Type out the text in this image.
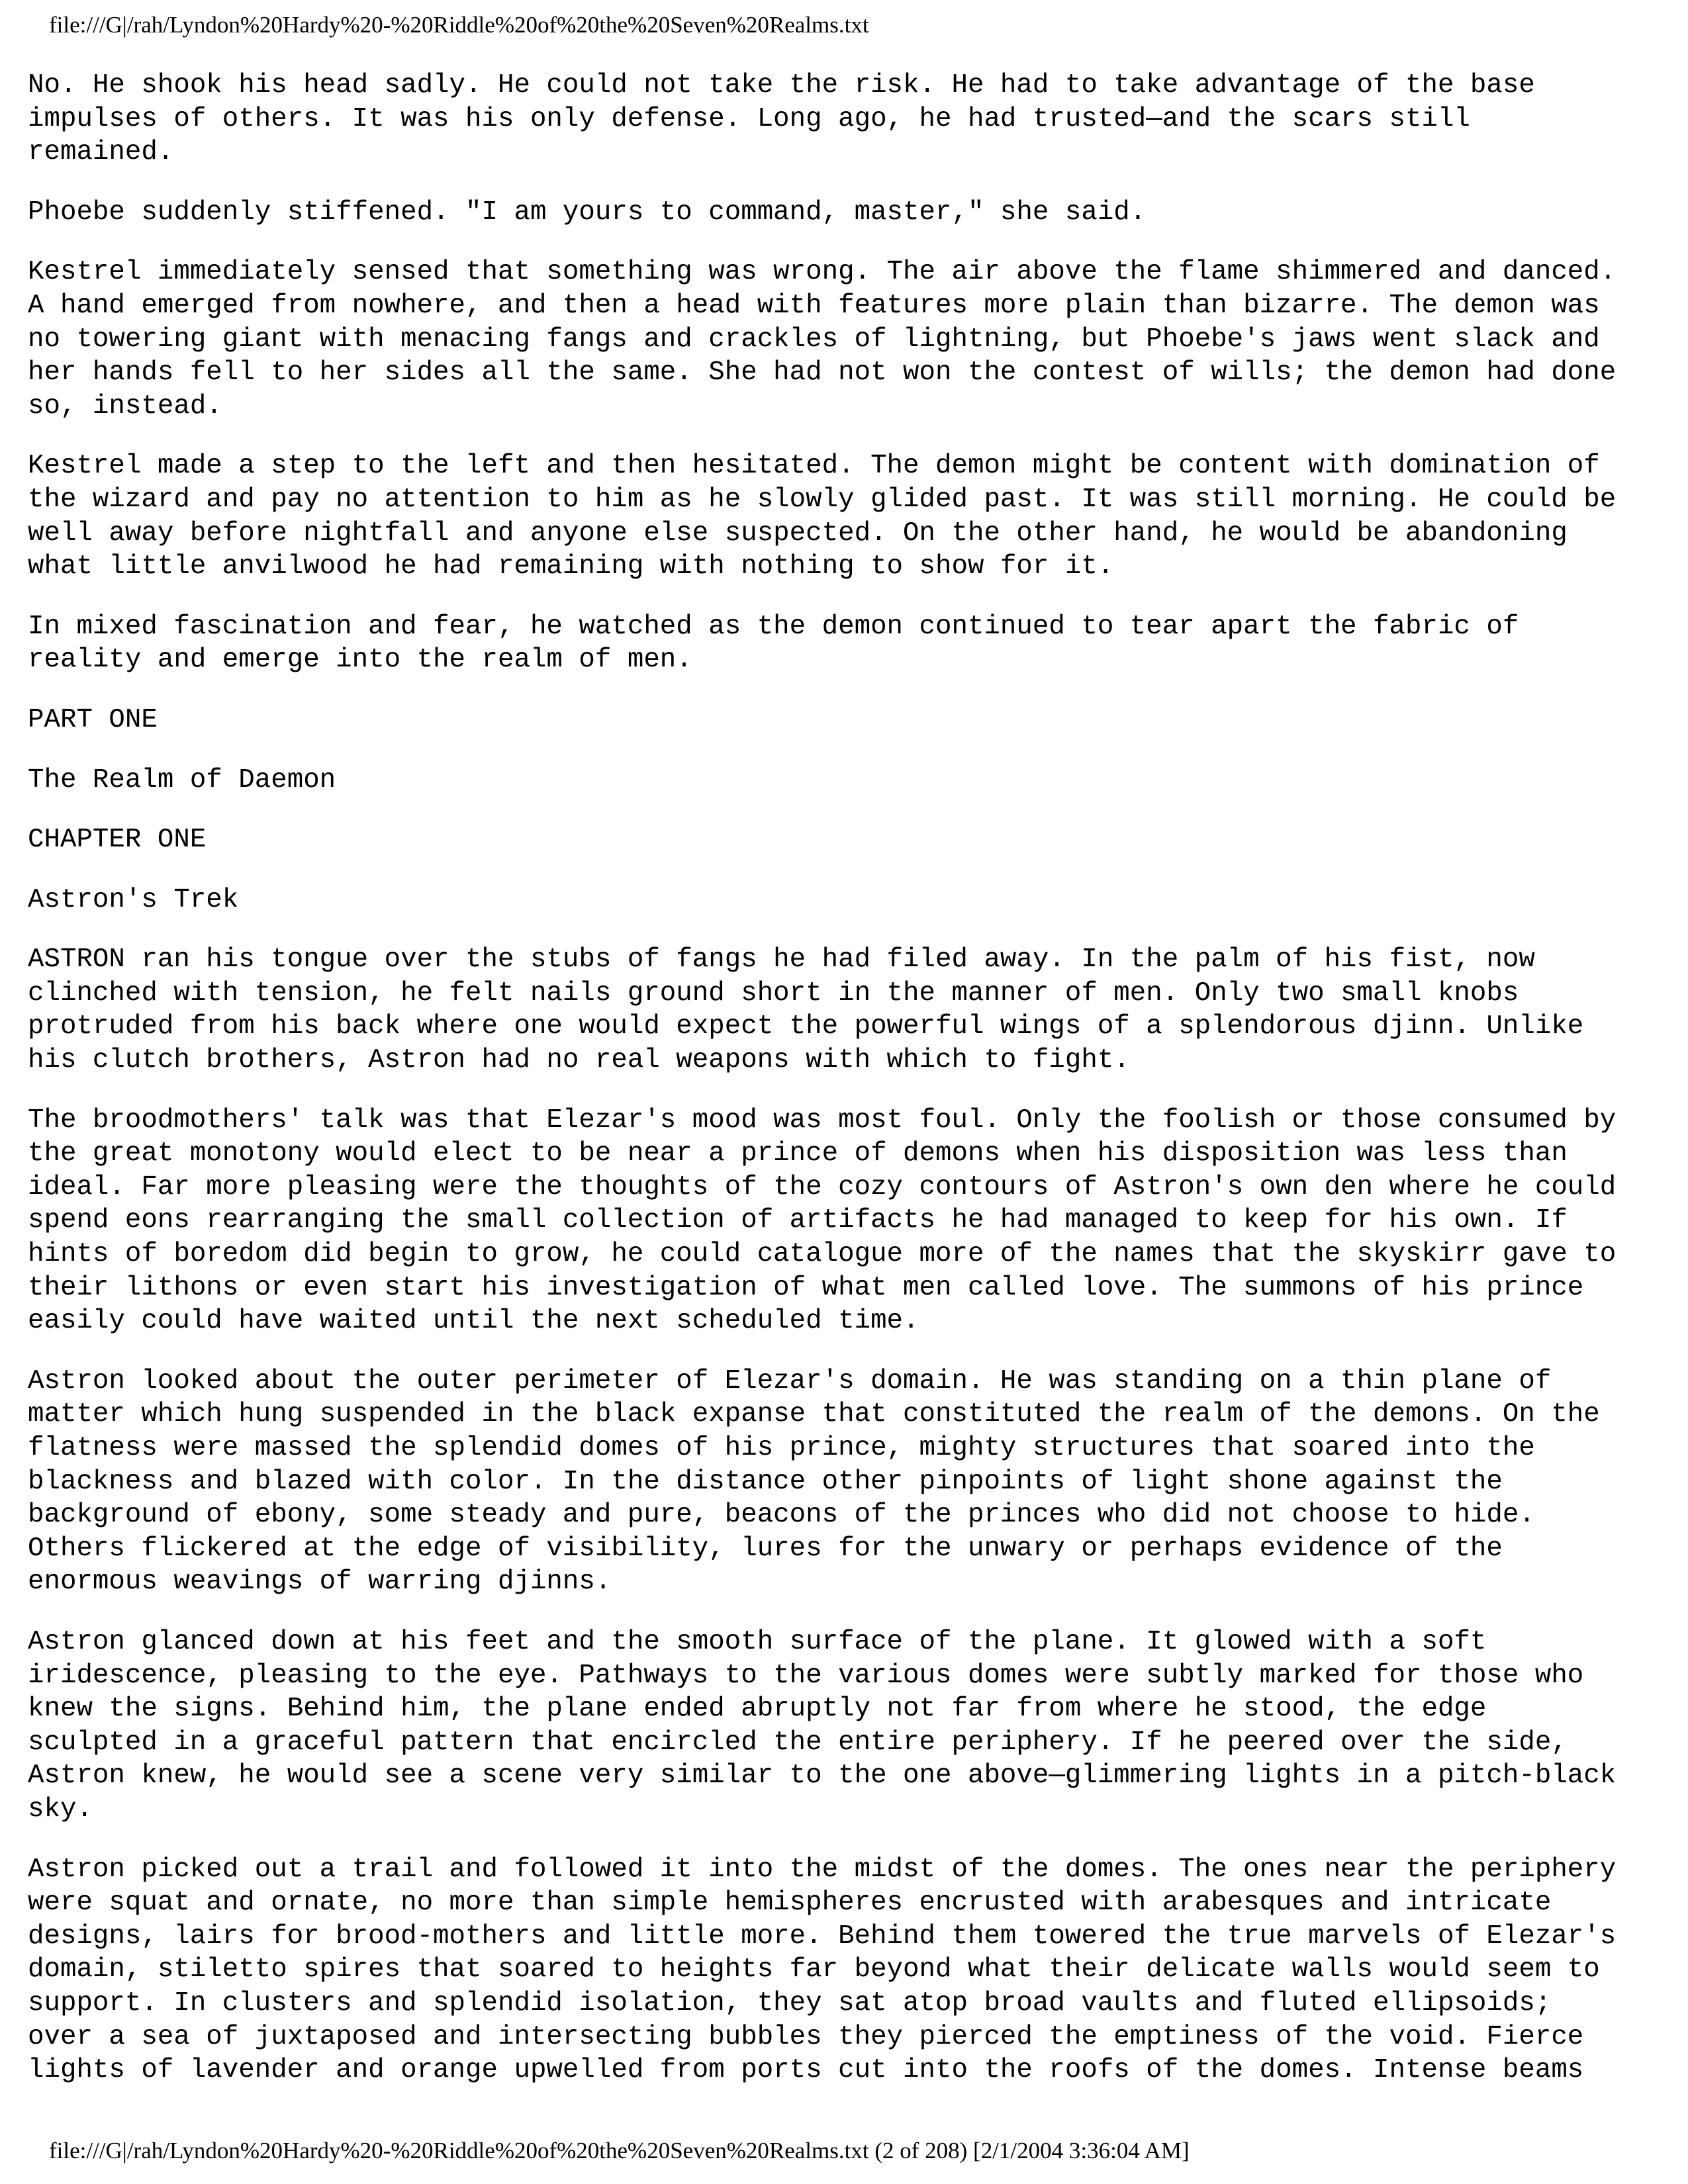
file:///G|/rah/Lyndon%20Hardy%20-%20Riddle%20of%20the%20Seven%20Realms.txt

No. He shook his head sadly. He could not take the risk. He had to take advantage of the base
impulses of others. It was his only defense. Long ago, he had trusted—and the scars still
remained.

Phoebe suddenly stiffened. "I am yours to command, master," she said.

Kestrel immediately sensed that something was wrong. The air above the flame shimmered and danced.
A hand emerged from nowhere, and then a head with features more plain than bizarre. The demon was
no towering giant with menacing fangs and crackles of lightning, but Phoebe's jaws went slack and
her hands fell to her sides all the same. She had not won the contest of wills; the demon had done
so, instead.

Kestrel made a step to the left and then hesitated. The demon might be content with domination of
the wizard and pay no attention to him as he slowly glided past. It was still morning. He could be
well away before nightfall and anyone else suspected. On the other hand, he would be abandoning
what little anvilwood he had remaining with nothing to show for it.

In mixed fascination and fear, he watched as the demon continued to tear apart the fabric of
reality and emerge into the realm of men.

PART ONE

The Realm of Daemon

CHAPTER ONE

Astron's Trek

ASTRON ran his tongue over the stubs of fangs he had filed away. In the palm of his fist, now
clinched with tension, he felt nails ground short in the manner of men. Only two small knobs
protruded from his back where one would expect the powerful wings of a splendorous djinn. Unlike
his clutch brothers, Astron had no real weapons with which to fight.

The broodmothers' talk was that Elezar's mood was most foul. Only the foolish or those consumed by
the great monotony would elect to be near a prince of demons when his disposition was less than
ideal. Far more pleasing were the thoughts of the cozy contours of Astron's own den where he could
spend eons rearranging the small collection of artifacts he had managed to keep for his own. If
hints of boredom did begin to grow, he could catalogue more of the names that the skyskirr gave to
their lithons or even start his investigation of what men called love. The summons of his prince
easily could have waited until the next scheduled time.

Astron looked about the outer perimeter of Elezar's domain. He was standing on a thin plane of
matter which hung suspended in the black expanse that constituted the realm of the demons. On the
flatness were massed the splendid domes of his prince, mighty structures that soared into the
blackness and blazed with color. In the distance other pinpoints of light shone against the
background of ebony, some steady and pure, beacons of the princes who did not choose to hide.
Others flickered at the edge of visibility, lures for the unwary or perhaps evidence of the
enormous weavings of warring djinns.

Astron glanced down at his feet and the smooth surface of the plane. It glowed with a soft
iridescence, pleasing to the eye. Pathways to the various domes were subtly marked for those who
knew the signs. Behind him, the plane ended abruptly not far from where he stood, the edge
sculpted in a graceful pattern that encircled the entire periphery. If he peered over the side,
Astron knew, he would see a scene very similar to the one above—glimmering lights in a pitch-black
sky.

Astron picked out a trail and followed it into the midst of the domes. The ones near the periphery
were squat and ornate, no more than simple hemispheres encrusted with arabesques and intricate
designs, lairs for brood-mothers and little more. Behind them towered the true marvels of Elezar's
domain, stiletto spires that soared to heights far beyond what their delicate walls would seem to
support. In clusters and splendid isolation, they sat atop broad vaults and fluted ellipsoids;
over a sea of juxtaposed and intersecting bubbles they pierced the emptiness of the void. Fierce
lights of lavender and orange upwelled from ports cut into the roofs of the domes. Intense beams

file:///G|/rah/Lyndon%20Hardy%20-%20Riddle%20of%20the%20Seven%20Realms.txt (2 of 208) [2/1/2004 3:36:04 AM]
